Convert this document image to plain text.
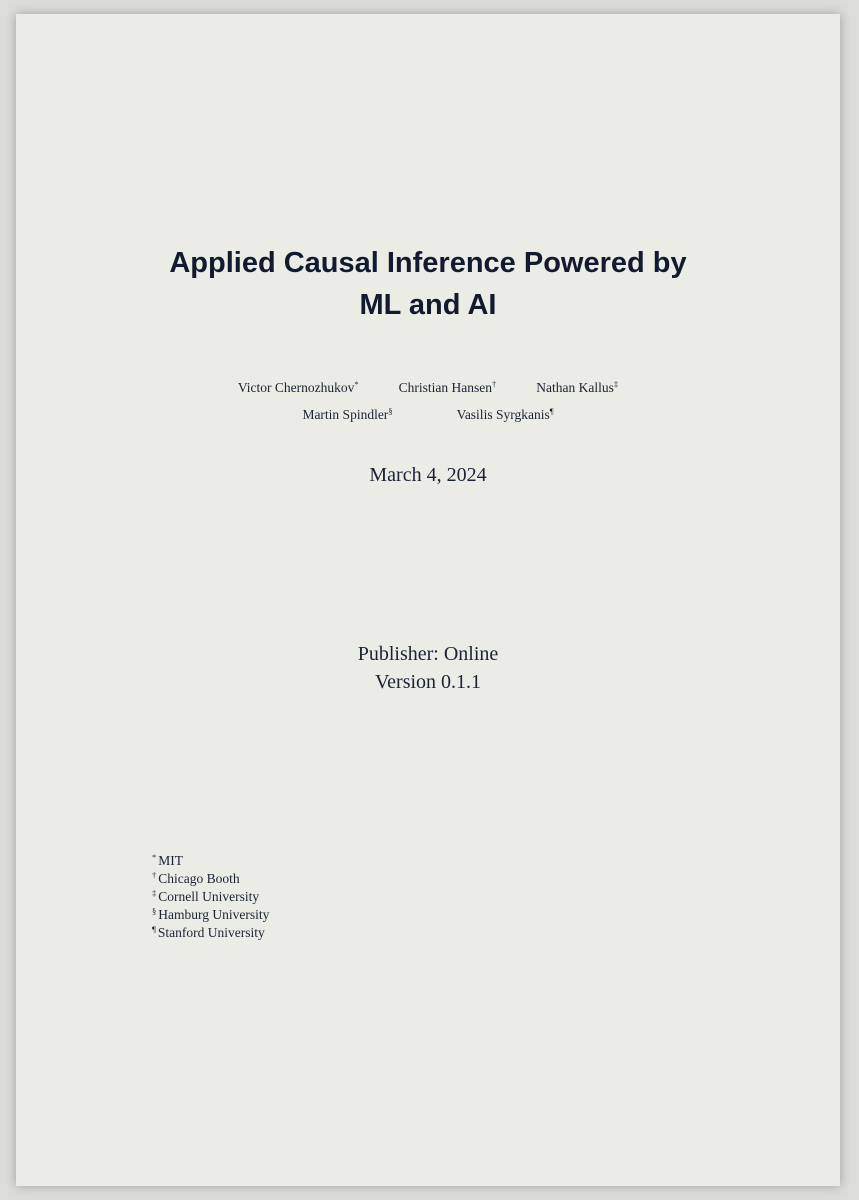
Applied Causal Inference Powered by
ML and AI
Victor Chernozhukov*	Christian Hansen†	Nathan Kallus‡
Martin Spindler§	Vasilis Syrgkanis¶
March 4, 2024
Publisher: Online
Version 0.1.1
* MIT
† Chicago Booth
‡ Cornell University
§ Hamburg University
¶ Stanford University
